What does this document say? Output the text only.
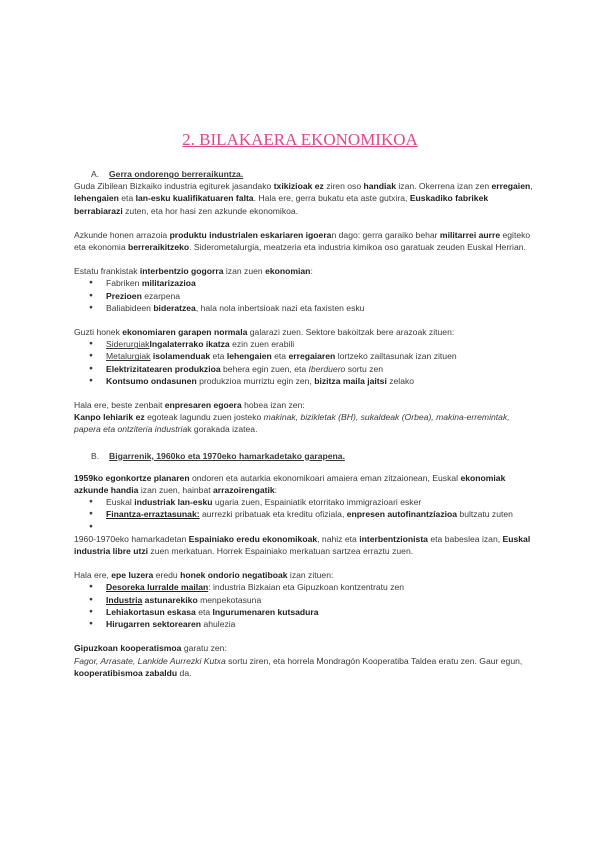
2. BILAKAERA EKONOMIKOA

A. Gerra ondorengo berreraikuntza.

Guda Zibilean Bizkaiko industria egiturek jasandako txikizioak ez ziren oso handiak izan. Okerrena izan zen erregaien, lehengaien eta lan-esku kualifikatuaren falta. Hala ere, gerra bukatu eta aste gutxira, Euskadiko fabrikek berrabiarazi zuten, eta hor hasi zen azkunde ekonomikoa.

Azkunde honen arrazoia produktu industrialen eskariaren igoeran dago: gerra garaiko behar militarrei aurre egiteko eta ekonomia berreraikitzeko. Siderometalurgia, meatzeria eta industria kimikoa oso garatuak zeuden Euskal Herrian.

Estatu frankistak interbentzio gogorra izan zuen ekonomian:

● Fabriken militarizazioa
● Prezioen ezarpena
● Baliabideen bideratzea, hala nola inbertsioak nazi eta faxisten esku

Guzti honek ekonomiaren garapen normala galarazi zuen. Sektore bakoitzak bere arazoak zituen:

● SiderurgiakIngalaterrako ikatza ezin zuen erabili
● Metalurgiak isolamenduak eta lehengaien eta erregaiaren lortzeko zailtasunak izan zituen
● Elektrizitatearen produkzioa behera egin zuen, eta Iberduero sortu zen
● Kontsumo ondasunen produkzioa murriztu egin zen, bizitza maila jaitsi zelako

Hala ere, beste zenbait enpresaren egoera hobea izan zen:

Kanpo lehiarik ez egoteak lagundu zuen josteko makinak, bizikletak (BH), sukaldeak (Orbea), makina-erremintak, papera eta ontziteria industriak gorakada izatea.

B. Bigarrenik, 1960ko eta 1970eko hamarkadetako garapena.

1959ko egonkortze planaren ondoren eta autarkia ekonomikoari amaiera eman zitzaionean, Euskal ekonomiak azkunde handia izan zuen, hainbat arrazoirengatik:

● Euskal industriak lan-esku ugaria zuen, Espainiatik etorritako immigrazioari esker
● Finantza-erraztasunak: aurrezki pribatuak eta kreditu ofiziala, enpresen autofinantzíazioa bultzatu zuten
●

1960-1970eko hamarkadetan Espainiako eredu ekonomikoak, nahiz eta interbentzionista eta babeslea izan, Euskal industria libre utzi zuen merkatuan. Horrek Espainiako merkatuan sartzea erraztu zuen.

Hala ere, epe luzera eredu honek ondorio negatiboak izan zituen:

● Desoreka lurralde mailan: industria Bizkaian eta Gipuzkoan kontzentratu zen
● Industria astunarekiko menpekotasuna
● Lehiakortasun eskasa eta Ingurumenaren kutsadura
● Hirugarren sektorearen ahulezia

Gipuzkoan kooperatismoa garatu zen:

Fagor, Arrasate, Lankide Aurrezki Kutxa sortu ziren, eta horrela Mondragón Kooperatiba Taldea eratu zen. Gaur egun, kooperatibismoa zabaldu da.
